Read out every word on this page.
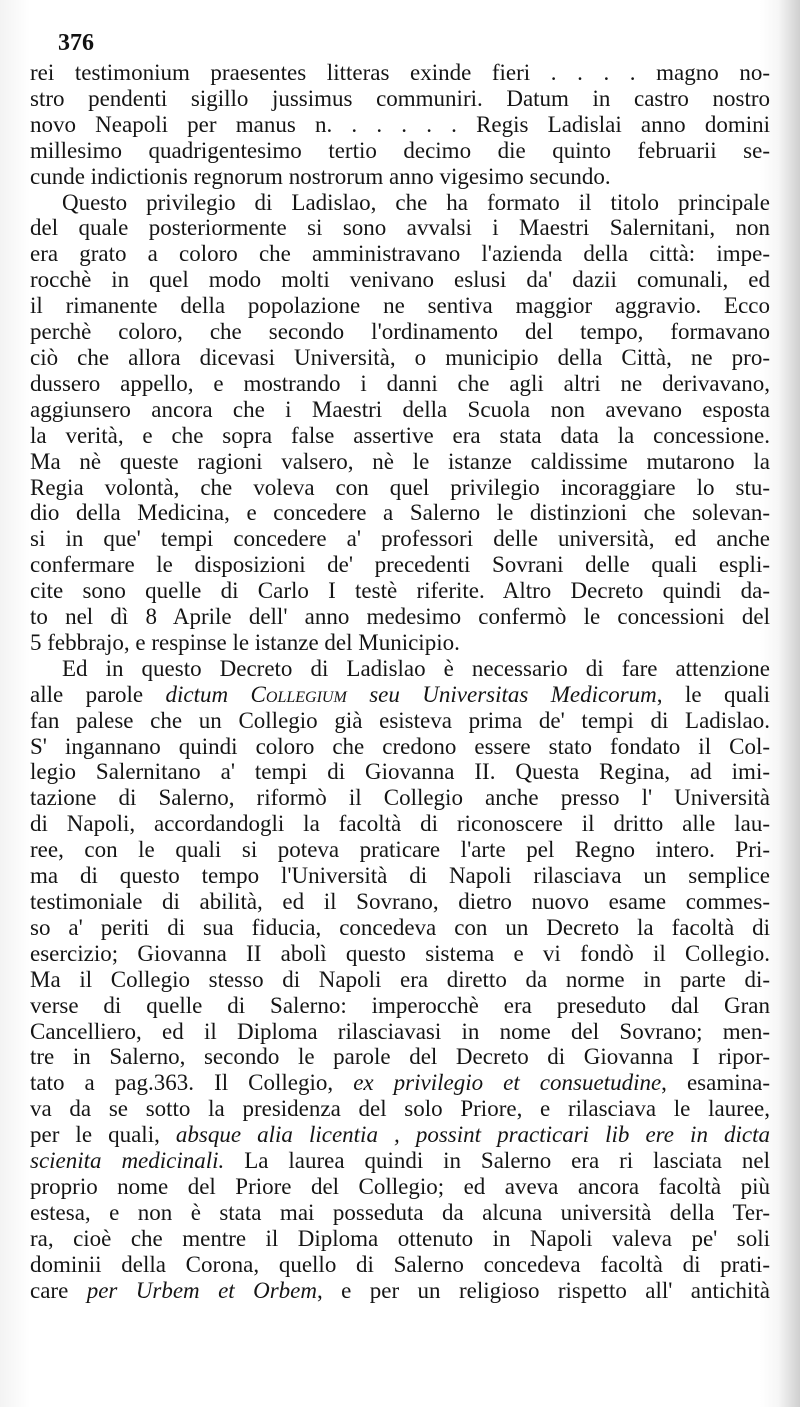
376
rei testimonium praesentes litteras exinde fieri . . . . magno no-
stro pendenti sigillo jussimus communiri. Datum in castro nostro
novo Neapoli per manus n. . . . . . Regis Ladislai anno domini
millesimo quadrigentesimo tertio decimo die quinto februarii se-
cunde indictionis regnorum nostrorum anno vigesimo secundo.
Questo privilegio di Ladislao, che ha formato il titolo principale
del quale posteriormente si sono avvalsi i Maestri Salernitani, non
era grato a coloro che amministravano l'azienda della città: impe-
rocchè in quel modo molti venivano eslusi da' dazii comunali, ed
il rimanente della popolazione ne sentiva maggior aggravio. Ecco
perchè coloro, che secondo l'ordinamento del tempo, formavano
ciò che allora dicevasi Università, o municipio della Città, ne pro-
dussero appello, e mostrando i danni che agli altri ne derivavano,
aggiunsero ancora che i Maestri della Scuola non avevano esposta
la verità, e che sopra false assertive era stata data la concessione.
Ma nè queste ragioni valsero, nè le istanze caldissime mutarono la
Regia volontà, che voleva con quel privilegio incoraggiare lo stu-
dio della Medicina, e concedere a Salerno le distinzioni che solevan-
si in que' tempi concedere a' professori delle università, ed anche
confermare le disposizioni de' precedenti Sovrani delle quali espli-
cite sono quelle di Carlo I testè riferite. Altro Decreto quindi da-
to nel dì 8 Aprile dell' anno medesimo confermò le concessioni del
5 febbrajo, e respinse le istanze del Municipio.
Ed in questo Decreto di Ladislao è necessario di fare attenzione
alle parole dictum Collegium seu Universitas Medicorum, le quali
fan palese che un Collegio già esisteva prima de' tempi di Ladislao.
S' ingannano quindi coloro che credono essere stato fondato il Col-
legio Salernitano a' tempi di Giovanna II. Questa Regina, ad imi-
tazione di Salerno, riformò il Collegio anche presso l' Università
di Napoli, accordandogli la facoltà di riconoscere il dritto alle lau-
ree, con le quali si poteva praticare l'arte pel Regno intero. Pri-
ma di questo tempo l'Università di Napoli rilasciava un semplice
testimoniale di abilità, ed il Sovrano, dietro nuovo esame commes-
so a' periti di sua fiducia, concedeva con un Decreto la facoltà di
esercizio; Giovanna II abolì questo sistema e vi fondò il Collegio.
Ma il Collegio stesso di Napoli era diretto da norme in parte di-
verse di quelle di Salerno: imperocchè era preseduto dal Gran
Cancelliero, ed il Diploma rilasciavasi in nome del Sovrano; men-
tre in Salerno, secondo le parole del Decreto di Giovanna I ripor-
tato a pag.363. Il Collegio, ex privilegio et consuetudine, esamina-
va da se sotto la presidenza del solo Priore, e rilasciava le lauree,
per le quali, absque alia licentia , possint practicari lib ere in dicta
scienita medicinali. La laurea quindi in Salerno era ri lasciata nel
proprio nome del Priore del Collegio; ed aveva ancora facoltà più
estesa, e non è stata mai posseduta da alcuna università della Ter-
ra, cioè che mentre il Diploma ottenuto in Napoli valeva pe' soli
dominii della Corona, quello di Salerno concedeva facoltà di prati-
care per Urbem et Orbem, e per un religioso rispetto all' antichità
